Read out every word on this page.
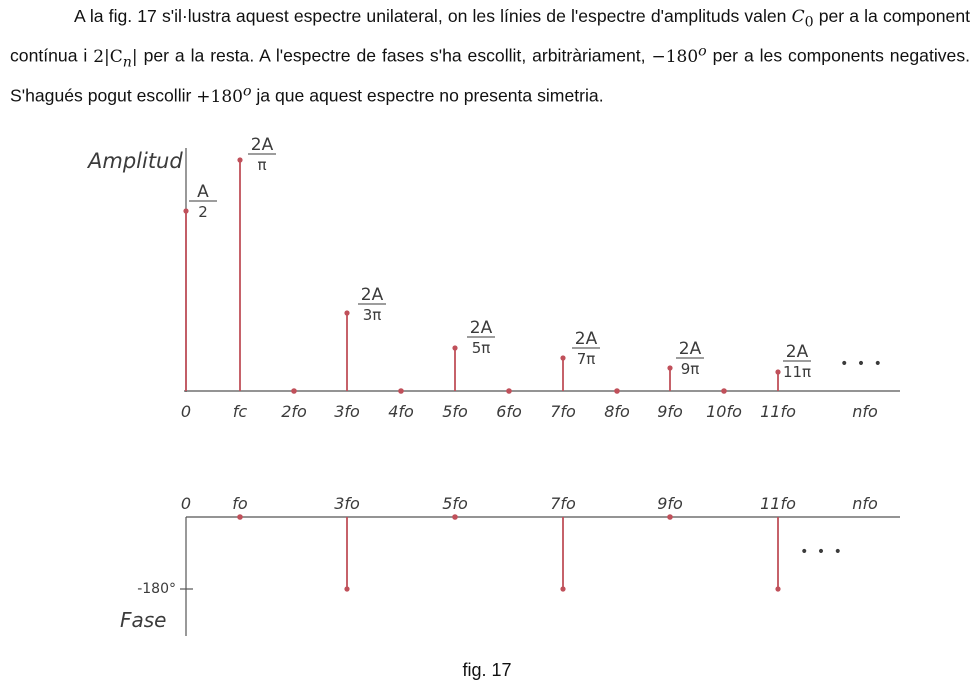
A la fig. 17 s'il·lustra aquest espectre unilateral, on les línies de l'espectre d'amplituds valen $C_0$ per a la component contínua i $2|C_n|$ per a la resta. A l'espectre de fases s'ha escollit, arbitràriament, $-180^o$ per a les components negatives. S'hagués pogut escollir $+180^o$ ja que aquest espectre no presenta simetria.

Amplitud
A
2
2A
π
2A
3π
2A
5π	2A
7π	2A
9π
2A
11π
0	fc 2fo 3fo 4fo 5fo 6fo 7fo 8fo 9fo 10fo 11fo	nfo
• • •
-180°
Fase
0	fo	3fo	5fo	7fo	9fo	11fo	nfo
• • •
fig. 17
